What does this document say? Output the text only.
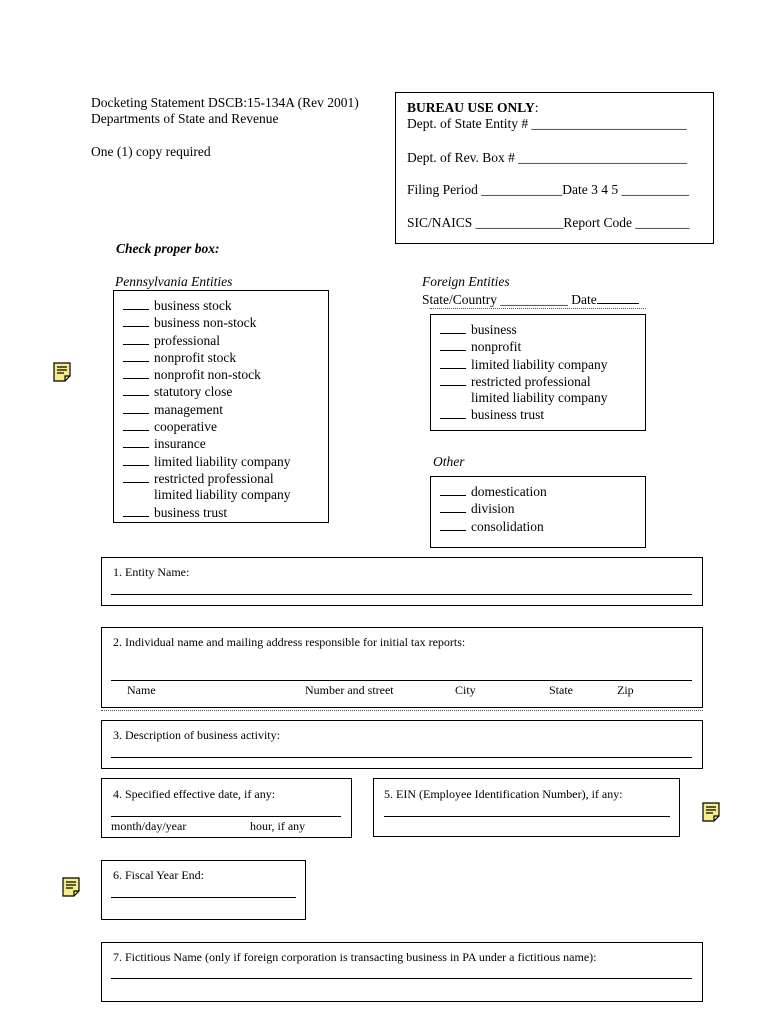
Docketing Statement DSCB:15-134A (Rev 2001)
Departments of State and Revenue
One (1) copy required
BUREAU USE ONLY:
Dept. of State Entity # _______________________
Dept. of Rev. Box # _________________________
Filing Period ____________Date 3 4 5 __________
SIC/NAICS _____________Report Code ________
Check proper box:
Pennsylvania Entities
business stock
business non-stock
professional
nonprofit stock
nonprofit non-stock
statutory close
management
cooperative
insurance
limited liability company
restricted professional
limited liability company
business trust
Foreign Entities
State/Country __________ Date
business
nonprofit
limited liability company
restricted professional
limited liability company
business trust
Other
domestication
division
consolidation
1. Entity Name:
2. Individual name and mailing address responsible for initial tax reports:
Name	Number and street	City	State	Zip
3. Description of business activity:
4. Specified effective date, if any:
month/day/year	hour, if any
5. EIN (Employee Identification Number), if any:
6. Fiscal Year End:
7. Fictitious Name (only if foreign corporation is transacting business in PA under a fictitious name):
